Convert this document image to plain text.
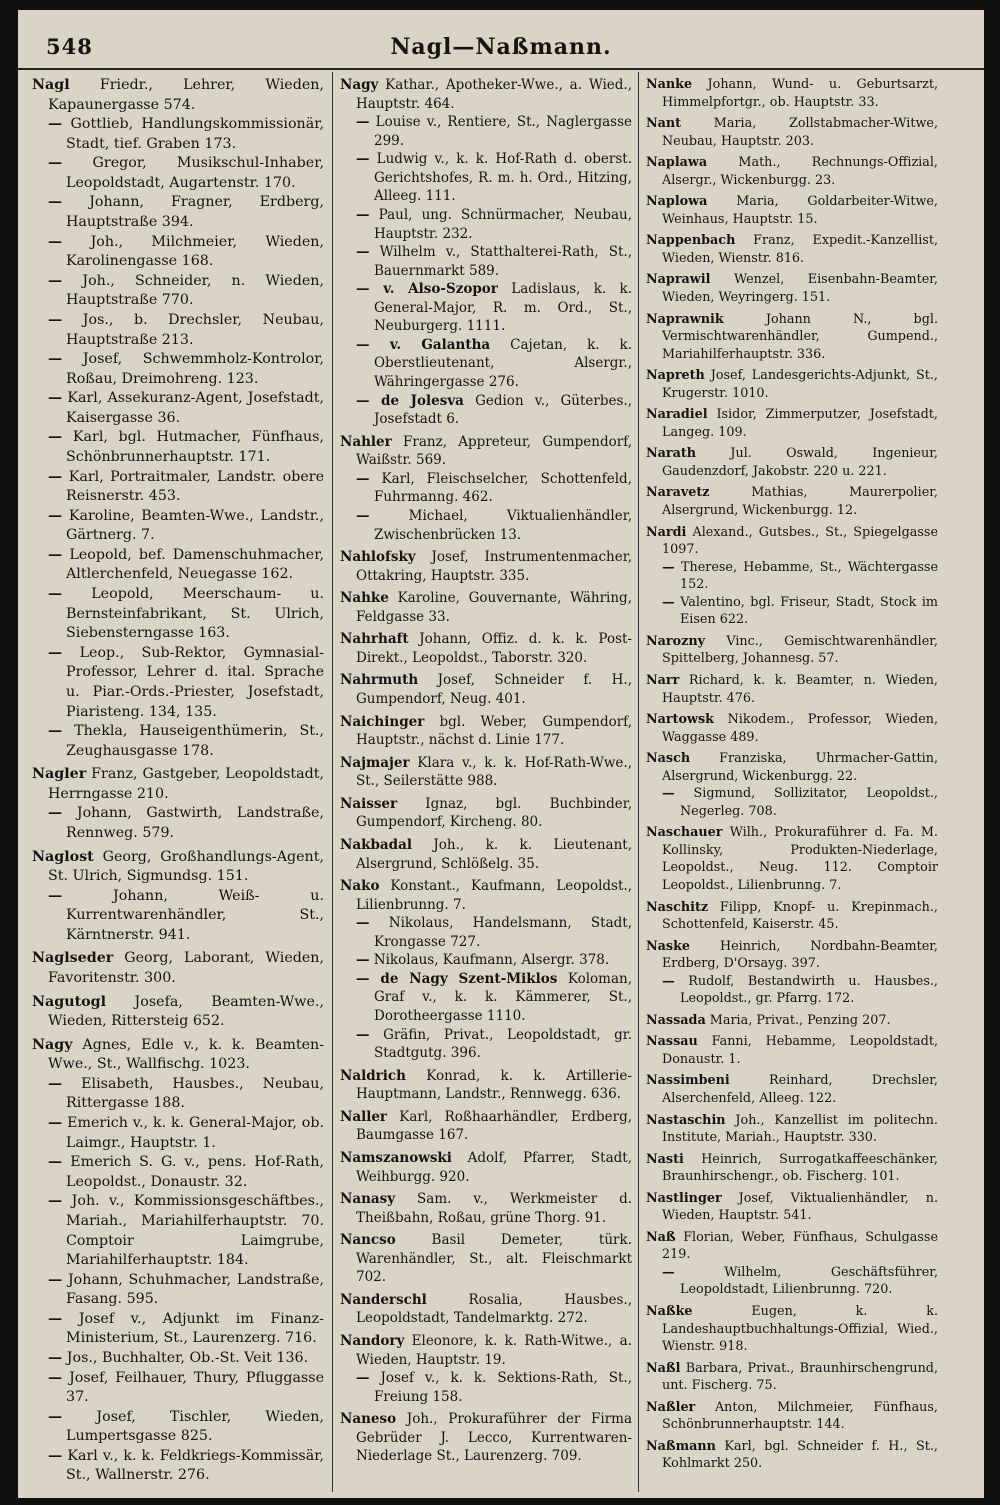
548	Nagl—Naßmann.
Nagl Friedr., Lehrer, Wieden, Kapaunergasse 574.
— Gottlieb, Handlungskommissionär, Stadt, tief. Graben 173.
— Gregor, Musikschul-Inhaber, Leopoldstadt, Augartenstr. 170.
— Johann, Fragner, Erdberg, Hauptstraße 394.
— Joh., Milchmeier, Wieden, Karolinengasse 168.
— Joh., Schneider, n. Wieden, Hauptstraße 770.
— Jos., b. Drechsler, Neubau, Hauptstraße 213.
— Josef, Schwemmholz-Kontrolor, Roßau, Dreimohreng. 123.
— Karl, Assekuranz-Agent, Josefstadt, Kaisergasse 36.
— Karl, bgl. Hutmacher, Fünfhaus, Schönbrunnerhauptstr. 171.
— Karl, Portraitmaler, Landstr. obere Reisnerstr. 453.
— Karoline, Beamten-Wwe., Landstr., Gärtnerg. 7.
— Leopold, bef. Damenschuhmacher, Altlerchenfeld, Neuegasse 162.
— Leopold, Meerschaum- u. Bernsteinfabrikant, St. Ulrich, Siebensterngasse 163.
— Leop., Sub-Rektor, Gymnasial-Professor, Lehrer d. ital. Sprache u. Piar.-Ords.-Priester, Josefstadt, Piaristeng. 134, 135.
— Thekla, Hauseigenthümerin, St., Zeughausgasse 178.
Nagler Franz, Gastgeber, Leopoldstadt, Herrngasse 210.
— Johann, Gastwirth, Landstraße, Rennweg. 579.
Naglost Georg, Großhandlungs-Agent, St. Ulrich, Sigmundsg. 151.
—	Johann, Weiß- u. Kurrentwarenhändler, St., Kärntnerstr. 941.
Naglseder Georg, Laborant, Wieden, Favoritenstr. 300.
Nagutogl Josefa, Beamten-Wwe., Wieden, Rittersteig 652.
Nagy Agnes, Edle v., k. k. Beamten-Wwe., St., Wallfischg. 1023.
— Elisabeth, Hausbes., Neubau, Rittergasse 188.
— Emerich v., k. k. General-Major, ob. Laimgr., Hauptstr. 1.
— Emerich S. G. v., pens. Hof-Rath, Leopoldst., Donaustr. 32.
— Joh. v., Kommissionsgeschäftbes., Mariah., Mariahilferhauptstr. 70. Comptoir Laimgrube, Mariahilferhauptstr. 184.
— Johann, Schuhmacher, Landstraße, Fasang. 595.
— Josef v., Adjunkt im Finanz-Ministerium, St., Laurenzerg. 716.
— Jos., Buchhalter, Ob.-St. Veit 136.
— Josef, Feilhauer, Thury, Pfluggasse 37.
— Josef, Tischler, Wieden, Lumpertsgasse 825.
— Karl v., k. k. Feldkriegs-Kommissär, St., Wallnerstr. 276.
Nagy Kathar., Apotheker-Wwe., a. Wied., Hauptstr. 464.
— Louise v., Rentiere, St., Naglergasse 299.
— Ludwig v., k. k. Hof-Rath d. oberst. Gerichtshofes, R. m. h. Ord., Hitzing, Alleeg. 111.
— Paul, ung. Schnürmacher, Neubau, Hauptstr. 232.
— Wilhelm v., Statthalterei-Rath, St., Bauernmarkt 589.
— v. Also-Szopor Ladislaus, k. k. General-Major, R. m. Ord., St., Neuburgerg. 1111.
— v. Galantha Cajetan, k. k. Oberstlieutenant, Alsergr., Währingergasse 276.
— de Jolesva Gedion v., Güterbes., Josefstadt 6.
Nahler Franz, Appreteur, Gumpendorf, Waißstr. 569.
— Karl, Fleischselcher, Schottenfeld, Fuhrmanng. 462.
—	Michael, Viktualienhändler, Zwischenbrücken 13.
Nahlofsky Josef, Instrumentenmacher, Ottakring, Hauptstr. 335.
Nahke Karoline, Gouvernante, Währing, Feldgasse 33.
Nahrhaft Johann, Offiz. d. k. k. Post-Direkt., Leopoldst., Taborstr. 320.
Nahrmuth Josef, Schneider f. H., Gumpendorf, Neug. 401.
Naichinger bgl. Weber, Gumpendorf, Hauptstr., nächst d. Linie 177.
Najmajer Klara v., k. k. Hof-Rath-Wwe., St., Seilerstätte 988.
Naisser Ignaz, bgl. Buchbinder, Gumpendorf, Kircheng. 80.
Nakbadal Joh., k. k. Lieutenant, Alsergrund, Schlößelg. 35.
Nako Konstant., Kaufmann, Leopoldst., Lilienbrunng. 7.
— Nikolaus, Handelsmann, Stadt, Krongasse 727.
— Nikolaus, Kaufmann, Alsergr. 378.
— de Nagy Szent-Miklos Koloman, Graf v., k. k. Kämmerer, St., Dorotheergasse 1110.
— Gräfin, Privat., Leopoldstadt, gr. Stadtgutg. 396.
Naldrich Konrad, k. k. Artillerie-Hauptmann, Landstr., Rennwegg. 636.
Naller Karl, Roßhaarhändler, Erdberg, Baumgasse 167.
Namszanowski Adolf, Pfarrer, Stadt, Weihburgg. 920.
Nanasy Sam. v., Werkmeister d. Theißbahn, Roßau, grüne Thorg. 91.
Nancso	Basil Demeter, türk. Warenhändler, St., alt. Fleischmarkt 702.
Nanderschl	Rosalia, Hausbes., Leopoldstadt, Tandelmarktg. 272.
Nandory Eleonore, k. k. Rath-Witwe., a. Wieden, Hauptstr. 19.
— Josef v., k. k. Sektions-Rath, St., Freiung 158.
Naneso Joh., Prokuraführer der Firma Gebrüder J. Lecco, Kurrentwaren-Niederlage St., Laurenzerg. 709.
Nanke Johann, Wund- u. Geburtsarzt, Himmelpfortgr., ob. Hauptstr. 33.
Nant	Maria, Zollstabmacher-Witwe, Neubau, Hauptstr. 203.
Naplawa Math., Rechnungs-Offizial, Alsergr., Wickenburgg. 23.
Naplowa Maria, Goldarbeiter-Witwe, Weinhaus, Hauptstr. 15.
Nappenbach Franz, Expedit.-Kanzellist, Wieden, Wienstr. 816.
Naprawil Wenzel, Eisenbahn-Beamter, Wieden, Weyringerg. 151.
Naprawnik	Johann N., bgl. Vermischtwarenhändler, Gumpend., Mariahilferhauptstr. 336.
Napreth Josef, Landesgerichts-Adjunkt, St., Krugerstr. 1010.
Naradiel Isidor, Zimmerputzer, Josefstadt, Langeg. 109.
Narath	Jul. Oswald, Ingenieur, Gaudenzdorf, Jakobstr. 220 u. 221.
Naravetz	Mathias, Maurerpolier, Alsergrund, Wickenburgg. 12.
Nardi Alexand., Gutsbes., St., Spiegelgasse 1097.
— Therese, Hebamme, St., Wächtergasse 152.
— Valentino, bgl. Friseur, Stadt, Stock im Eisen 622.
Narozny Vinc., Gemischtwarenhändler, Spittelberg, Johannesg. 57.
Narr Richard, k. k. Beamter, n. Wieden, Hauptstr. 476.
Nartowsk Nikodem., Professor, Wieden, Waggasse 489.
Nasch Franziska, Uhrmacher-Gattin, Alsergrund, Wickenburgg. 22.
— Sigmund, Sollizitator, Leopoldst., Negerleg. 708.
Naschauer Wilh., Prokuraführer d. Fa. M. Kollinsky, Produkten-Niederlage, Leopoldst., Neug. 112. Comptoir Leopoldst., Lilienbrunng. 7.
Naschitz Filipp, Knopf- u. Krepinmach., Schottenfeld, Kaiserstr. 45.
Naske Heinrich, Nordbahn-Beamter, Erdberg, D'Orsayg. 397.
— Rudolf, Bestandwirth u. Hausbes., Leopoldst., gr. Pfarrg. 172.
Nassada Maria, Privat., Penzing 207.
Nassau Fanni, Hebamme, Leopoldstadt, Donaustr. 1.
Nassimbeni	Reinhard, Drechsler, Alserchenfeld, Alleeg. 122.
Nastaschin Joh., Kanzellist im politechn. Institute, Mariah., Hauptstr. 330.
Nasti Heinrich, Surrogatkaffeeschänker, Braunhirschengr., ob. Fischerg. 101.
Nastlinger Josef, Viktualienhändler, n. Wieden, Hauptstr. 541.
Naß Florian, Weber, Fünfhaus, Schulgasse 219.
—	Wilhelm, Geschäftsführer, Leopoldstadt, Lilienbrunng. 720.
Naßke	Eugen, k. k. Landeshauptbuchhaltungs-Offizial, Wied., Wienstr. 918.
Naßl Barbara, Privat., Braunhirschengrund, unt. Fischerg. 75.
Naßler Anton, Milchmeier, Fünfhaus, Schönbrunnerhauptstr. 144.
Naßmann Karl, bgl. Schneider f. H., St., Kohlmarkt 250.
